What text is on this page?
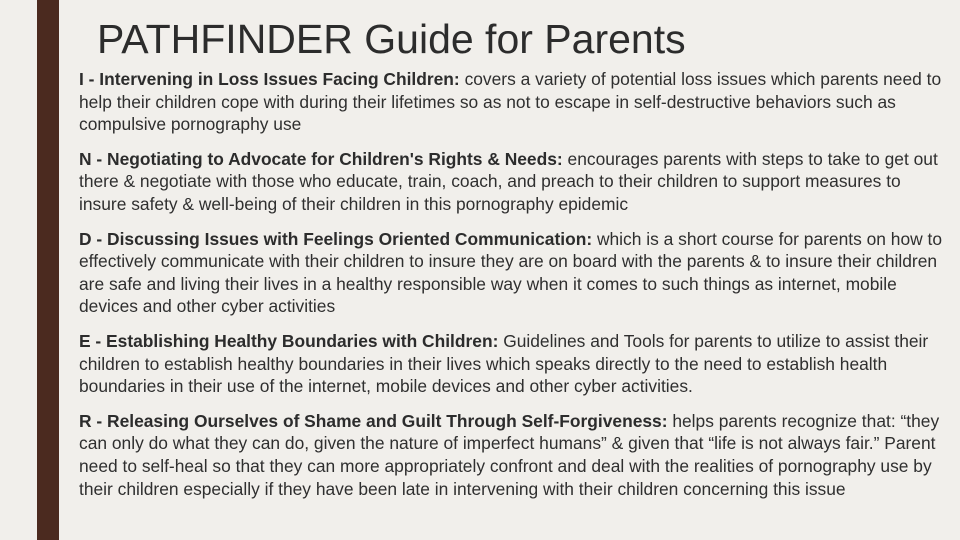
PATHFINDER Guide for Parents

I - Intervening in Loss Issues Facing Children: covers a variety of potential loss issues which parents need to help their children cope with during their lifetimes so as not to escape in self-destructive behaviors such as compulsive pornography use

N - Negotiating to Advocate for Children's Rights & Needs: encourages parents with steps to take to get out there & negotiate with those who educate, train, coach, and preach to their children to support measures to insure safety & well-being of their children in this pornography epidemic

D - Discussing Issues with Feelings Oriented Communication: which is a short course for parents on how to effectively communicate with their children to insure they are on board with the parents & to insure their children are safe and living their lives in a healthy responsible way when it comes to such things as internet, mobile devices and other cyber activities

E - Establishing Healthy Boundaries with Children: Guidelines and Tools for parents to utilize to assist their children to establish healthy boundaries in their lives which speaks directly to the need to establish health boundaries in their use of the internet, mobile devices and other cyber activities.

R - Releasing Ourselves of Shame and Guilt Through Self-Forgiveness: helps parents recognize that: “they can only do what they can do, given the nature of imperfect humans” & given that “life is not always fair.” Parent need to self-heal so that they can more appropriately confront and deal with the realities of pornography use by their children especially if they have been late in intervening with their children concerning this issue
